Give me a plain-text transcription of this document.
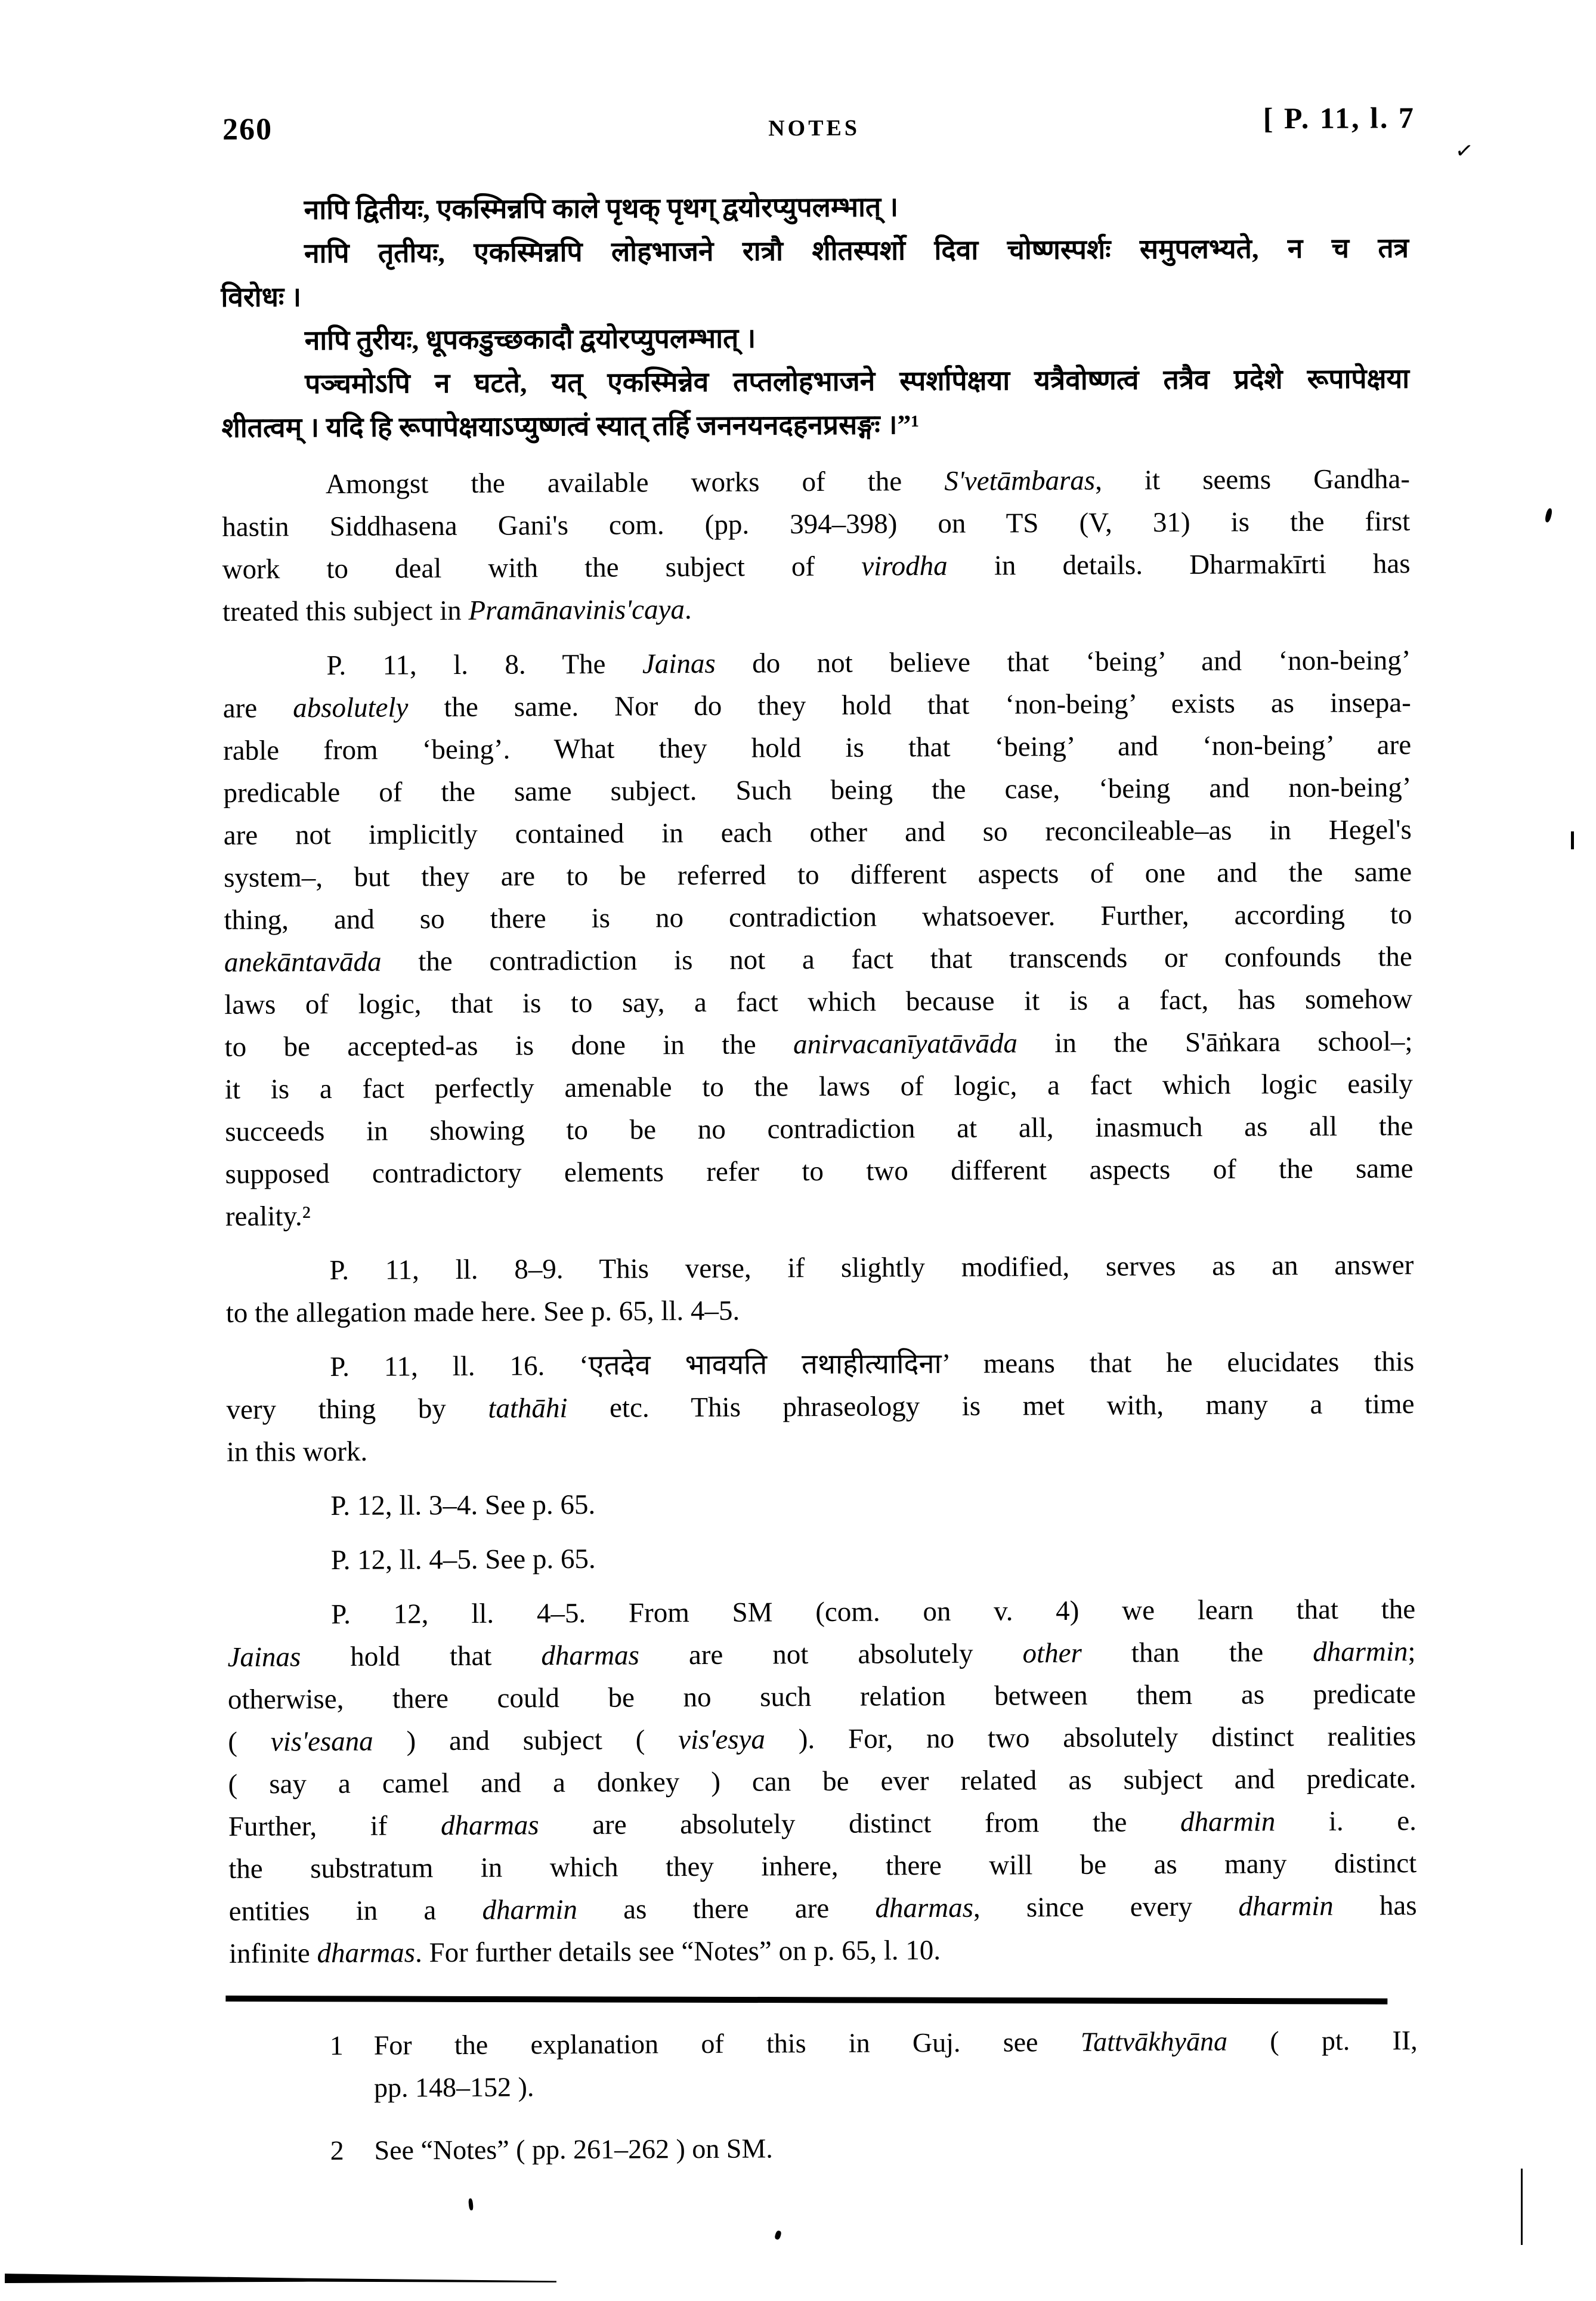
260	NOTES	[ P. 11, l. 7
नापि द्वितीयः, एकस्मिन्नपि काले पृथक् पृथग् द्वयोरप्युपलम्भात् ।
नापि तृतीयः, एकस्मिन्नपि लोहभाजने रात्रौ शीतस्पर्शो दिवा चोष्णस्पर्शः समुपलभ्यते, न च तत्र
विरोधः ।
नापि तुरीयः, धूपकडुच्छकादौ द्वयोरप्युपलम्भात् ।
पञ्चमोऽपि न घटते, यत् एकस्मिन्नेव तप्तलोहभाजने स्पर्शापेक्षया यत्रैवोष्णत्वं तत्रैव प्रदेशे रूपापेक्षया
शीतत्वम् । यदि हि रूपापेक्षयाऽप्युष्णत्वं स्यात् तर्हि जननयनदहनप्रसङ्गः ।”¹
Amongst the available works of the S'vetāmbaras, it seems Gandha-
hastin Siddhasena Gani's com. (pp. 394–398) on TS (V, 31) is the first
work to deal with the subject of virodha in details. Dharmakīrti has
treated this subject in Pramānavinis'caya.
P. 11, l. 8. The Jainas do not believe that ‘being’ and ‘non-being’
are absolutely the same. Nor do they hold that ‘non-being’ exists as insepa-
rable from ‘being’. What they hold is that ‘being’ and ‘non-being’ are
predicable of the same subject. Such being the case, ‘being and non-being’
are not implicitly contained in each other and so reconcileable–as in Hegel's
system–, but they are to be referred to different aspects of one and the same
thing, and so there is no contradiction whatsoever. Further, according to
anekāntavāda the contradiction is not a fact that transcends or confounds the
laws of logic, that is to say, a fact which because it is a fact, has somehow
to be accepted-as is done in the anirvacanīyatāvāda in the S'āṅkara school–;
it is a fact perfectly amenable to the laws of logic, a fact which logic easily
succeeds in showing to be no contradiction at all, inasmuch as all the
supposed contradictory elements refer to two different aspects of the same
reality.²
P. 11, ll. 8–9. This verse, if slightly modified, serves as an answer
to the allegation made here. See p. 65, ll. 4–5.
P. 11, ll. 16. ‘एतदेव भावयति तथाहीत्यादिना’ means that he elucidates this
very thing by tathāhi etc. This phraseology is met with, many a time
in this work.
P. 12, ll. 3–4. See p. 65.
P. 12, ll. 4–5. See p. 65.
P. 12, ll. 4–5. From SM (com. on v. 4) we learn that the
Jainas hold that dharmas are not absolutely other than the dharmin;
otherwise, there could be no such relation between them as predicate
( vis'esana ) and subject ( vis'esya ). For, no two absolutely distinct realities
( say a camel and a donkey ) can be ever related as subject and predicate.
Further, if dharmas are absolutely distinct from the dharmin i. e.
the substratum in which they inhere, there will be as many distinct
entities in a dharmin as there are dharmas, since every dharmin has
infinite dharmas. For further details see “Notes” on p. 65, l. 10.
1 For the explanation of this in Guj. see Tattvākhyāna ( pt. II,
pp. 148–152 ).
2 See “Notes” ( pp. 261–262 ) on SM.
✓
